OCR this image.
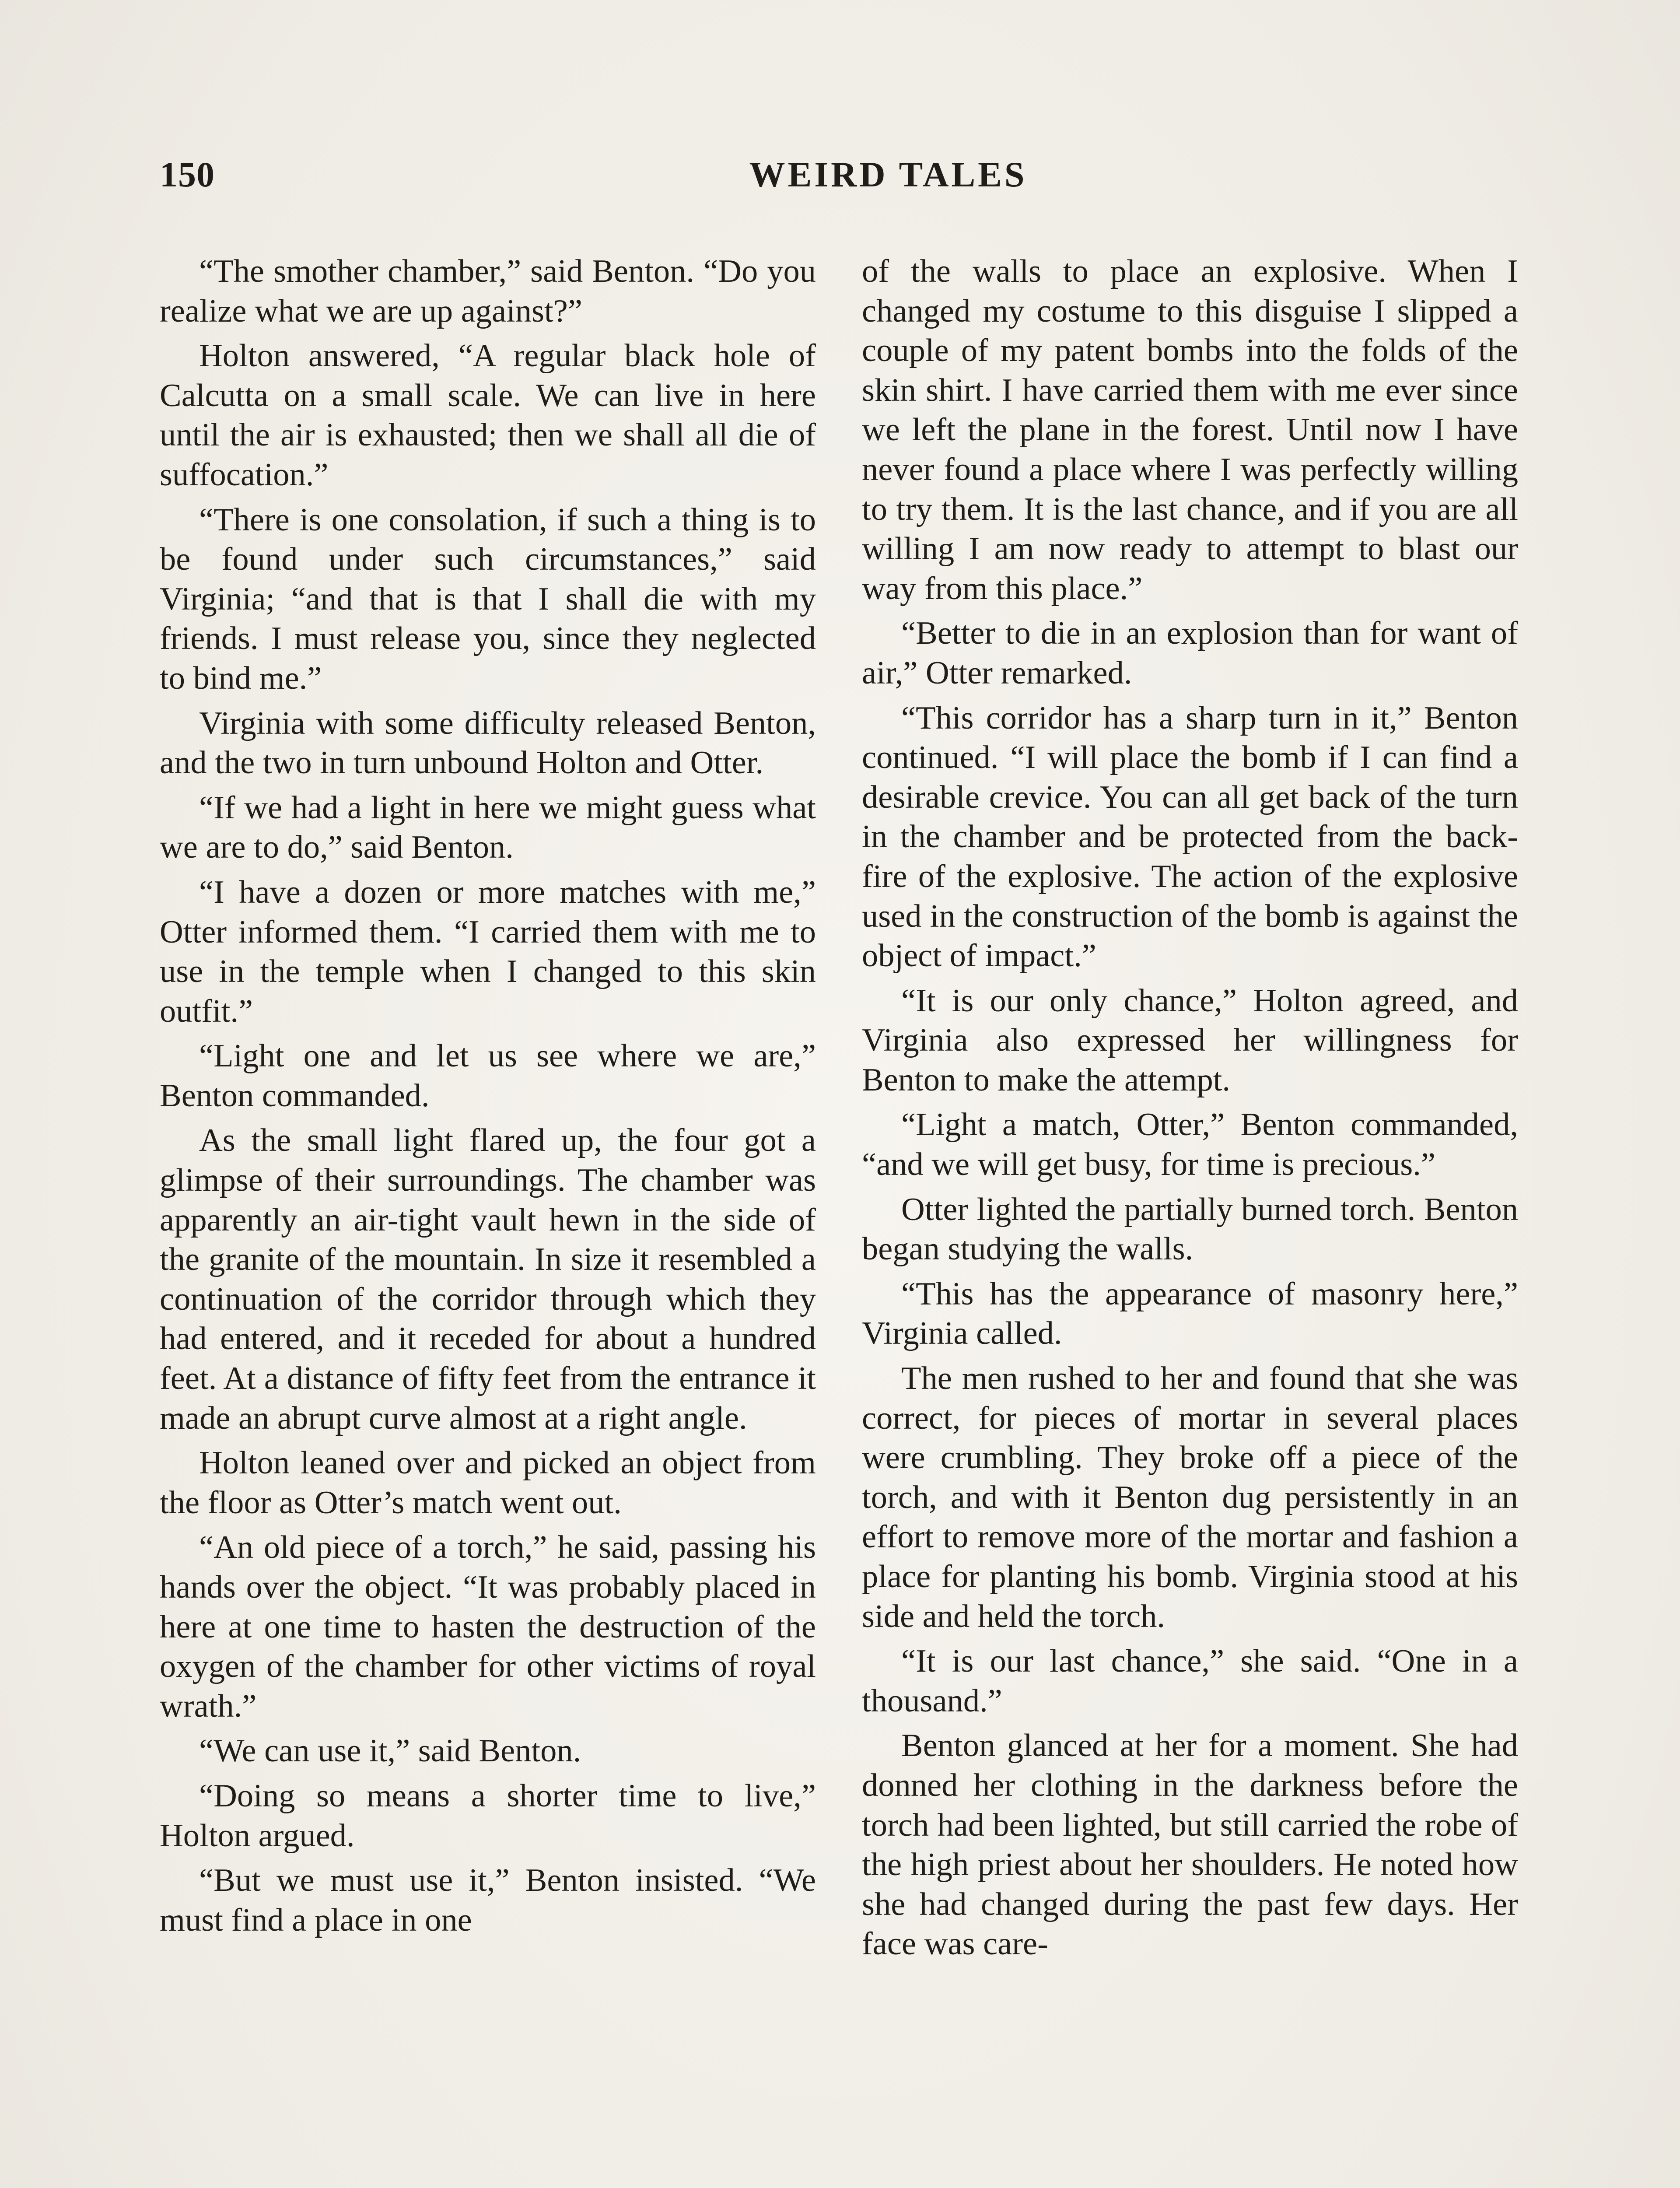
150	WEIRD TALES

“The smother chamber,” said Benton. “Do you realize what we are up against?”

Holton answered, “A regular black hole of Calcutta on a small scale. We can live in here until the air is exhausted; then we shall all die of suffocation.”

“There is one consolation, if such a thing is to be found under such circumstances,” said Virginia; “and that is that I shall die with my friends. I must release you, since they neglected to bind me.”

Virginia with some difficulty released Benton, and the two in turn unbound Holton and Otter.

“If we had a light in here we might guess what we are to do,” said Benton.

“I have a dozen or more matches with me,” Otter informed them. “I carried them with me to use in the temple when I changed to this skin outfit.”

“Light one and let us see where we are,” Benton commanded.

As the small light flared up, the four got a glimpse of their surroundings. The chamber was apparently an air-tight vault hewn in the side of the granite of the mountain. In size it resembled a continuation of the corridor through which they had entered, and it receded for about a hundred feet. At a distance of fifty feet from the entrance it made an abrupt curve almost at a right angle.

Holton leaned over and picked an object from the floor as Otter’s match went out.

“An old piece of a torch,” he said, passing his hands over the object. “It was probably placed in here at one time to hasten the destruction of the oxygen of the chamber for other victims of royal wrath.”

“We can use it,” said Benton.

“Doing so means a shorter time to live,” Holton argued.

“But we must use it,” Benton insisted. “We must find a place in one

of the walls to place an explosive. When I changed my costume to this disguise I slipped a couple of my patent bombs into the folds of the skin shirt. I have carried them with me ever since we left the plane in the forest. Until now I have never found a place where I was perfectly willing to try them. It is the last chance, and if you are all willing I am now ready to attempt to blast our way from this place.”

“Better to die in an explosion than for want of air,” Otter remarked.

“This corridor has a sharp turn in it,” Benton continued. “I will place the bomb if I can find a desirable crevice. You can all get back of the turn in the chamber and be protected from the back-fire of the explosive. The action of the explosive used in the construction of the bomb is against the object of impact.”

“It is our only chance,” Holton agreed, and Virginia also expressed her willingness for Benton to make the attempt.

“Light a match, Otter,” Benton commanded, “and we will get busy, for time is precious.”

Otter lighted the partially burned torch. Benton began studying the walls.

“This has the appearance of masonry here,” Virginia called.

The men rushed to her and found that she was correct, for pieces of mortar in several places were crumbling. They broke off a piece of the torch, and with it Benton dug persistently in an effort to remove more of the mortar and fashion a place for planting his bomb. Virginia stood at his side and held the torch.

“It is our last chance,” she said. “One in a thousand.”

Benton glanced at her for a moment. She had donned her clothing in the darkness before the torch had been lighted, but still carried the robe of the high priest about her shoulders. He noted how she had changed during the past few days. Her face was care-
